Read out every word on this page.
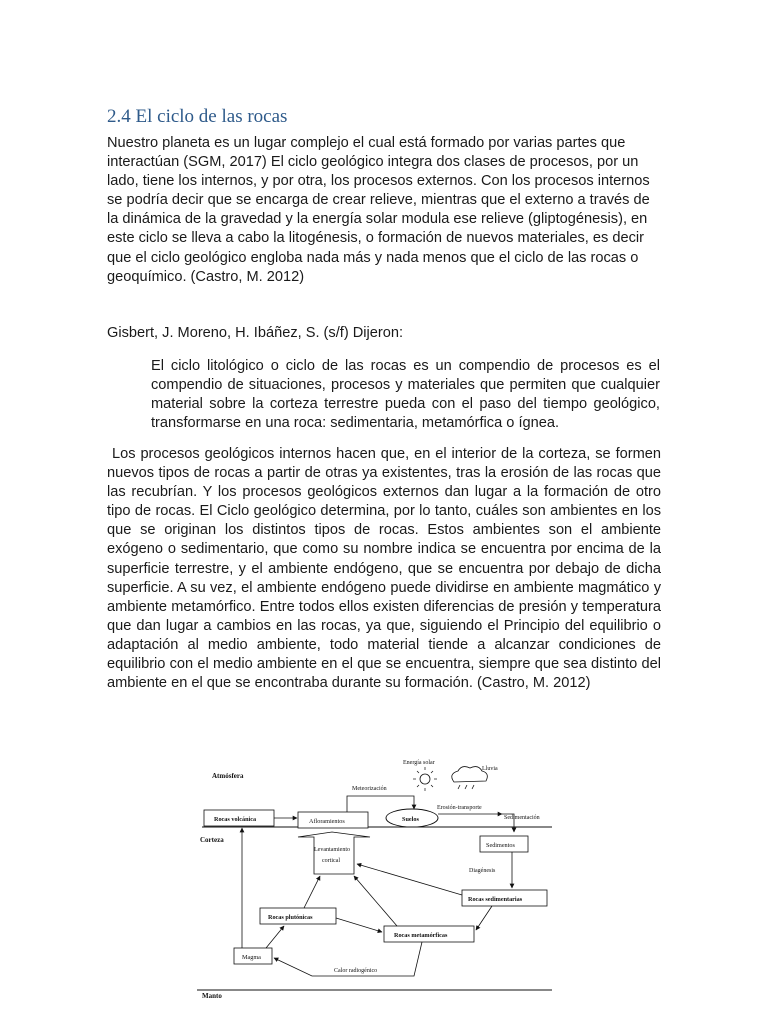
2.4 El ciclo de las rocas

Nuestro planeta es un lugar complejo el cual está formado por varias partes que interactúan (SGM, 2017) El ciclo geológico integra dos clases de procesos, por un lado, tiene los internos, y por otra, los procesos externos. Con los procesos internos se podría decir que se encarga de crear relieve, mientras que el externo a través de la dinámica de la gravedad y la energía solar modula ese relieve (gliptogénesis), en este ciclo se lleva a cabo la litogénesis, o formación de nuevos materiales, es decir que el ciclo geológico engloba nada más y nada menos que el ciclo de las rocas o geoquímico. (Castro, M. 2012)

Gisbert, J. Moreno, H. Ibáñez, S. (s/f) Dijeron:

El ciclo litológico o ciclo de las rocas es un compendio de procesos es el compendio de situaciones, procesos y materiales que permiten que cualquier material sobre la corteza terrestre pueda con el paso del tiempo geológico, transformarse en una roca: sedimentaria, metamórfica o ígnea.

Los procesos geológicos internos hacen que, en el interior de la corteza, se formen nuevos tipos de rocas a partir de otras ya existentes, tras la erosión de las rocas que las recubrían. Y los procesos geológicos externos dan lugar a la formación de otro tipo de rocas. El Ciclo geológico determina, por lo tanto, cuáles son ambientes en los que se originan los distintos tipos de rocas. Estos ambientes son el ambiente exógeno o sedimentario, que como su nombre indica se encuentra por encima de la superficie terrestre, y el ambiente endógeno, que se encuentra por debajo de dicha superficie. A su vez, el ambiente endógeno puede dividirse en ambiente magmático y ambiente metamórfico. Entre todos ellos existen diferencias de presión y temperatura que dan lugar a cambios en las rocas, ya que, siguiendo el Principio del equilibrio o adaptación al medio ambiente, todo material tiende a alcanzar condiciones de equilibrio con el medio ambiente en el que se encuentra, siempre que sea distinto del ambiente en el que se encontraba durante su formación. (Castro, M. 2012)

Atmósfera
Corteza
Manto
Energía solar
Lluvia
Meteorización
Rocas volcánica	Afloramientos	Suelos
Erosión-transporte
Sedimentación
Sedimentos
Levantamiento
cortical
Diagénesis
Rocas sedimentarias
Rocas plutónicas
Rocas metamórficas
Magma
Calor radiogénico
